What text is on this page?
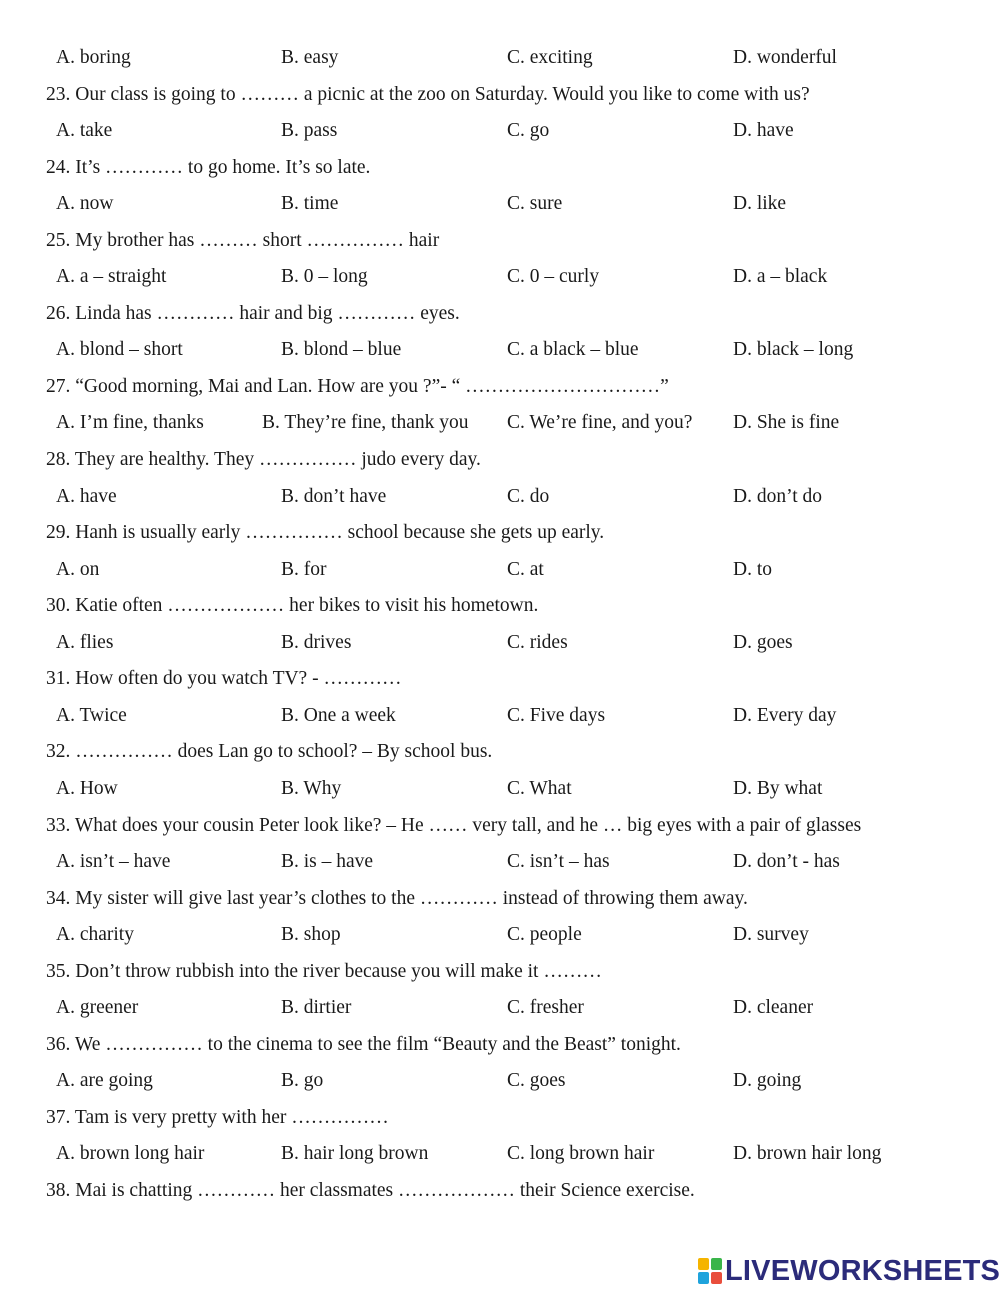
A. boring	B. easy	C. exciting	D. wonderful
23. Our class is going to ……… a picnic at the zoo on Saturday. Would you like to come with us?
A. take	B. pass	C. go	D. have
24. It’s ………… to go home. It’s so late.
A. now	B. time	C. sure	D. like
25. My brother has ……… short …………… hair
A. a – straight	B. 0 – long	C. 0 – curly	D. a – black
26. Linda has ………… hair and big ………… eyes.
A. blond – short	B. blond – blue	C. a black – blue	D. black – long
27. “Good morning, Mai and Lan. How are you ?”- “ …………………………”
A. I’m fine, thanks	B. They’re fine, thank you C. We’re fine, and you? D. She is fine
28. They are healthy. They …………… judo every day.
A. have	B. don’t have	C. do	D. don’t do
29. Hanh is usually early …………… school because she gets up early.
A. on	B. for	C. at	D. to
30. Katie often ……………… her bikes to visit his hometown.
A. flies	B. drives	C. rides	D. goes
31. How often do you watch TV? - …………
A. Twice	B. One a week	C. Five days	D. Every day
32. …………… does Lan go to school? – By school bus.
A. How	B. Why	C. What	D. By what
33. What does your cousin Peter look like? – He …… very tall, and he … big eyes with a pair of glasses
A. isn’t – have	B. is – have	C. isn’t – has	D. don’t - has
34. My sister will give last year’s clothes to the ………… instead of throwing them away.
A. charity	B. shop	C. people	D. survey
35. Don’t throw rubbish into the river because you will make it ………
A. greener	B. dirtier	C. fresher	D. cleaner
36. We …………… to the cinema to see the film “Beauty and the Beast” tonight.
A. are going	B. go	C. goes	D. going
37. Tam is very pretty with her ……………
A. brown long hair	B. hair long brown	C. long brown hair	D. brown hair long
38. Mai is chatting ………… her classmates ……………… their Science exercise.
LIVEWORKSHEETS
